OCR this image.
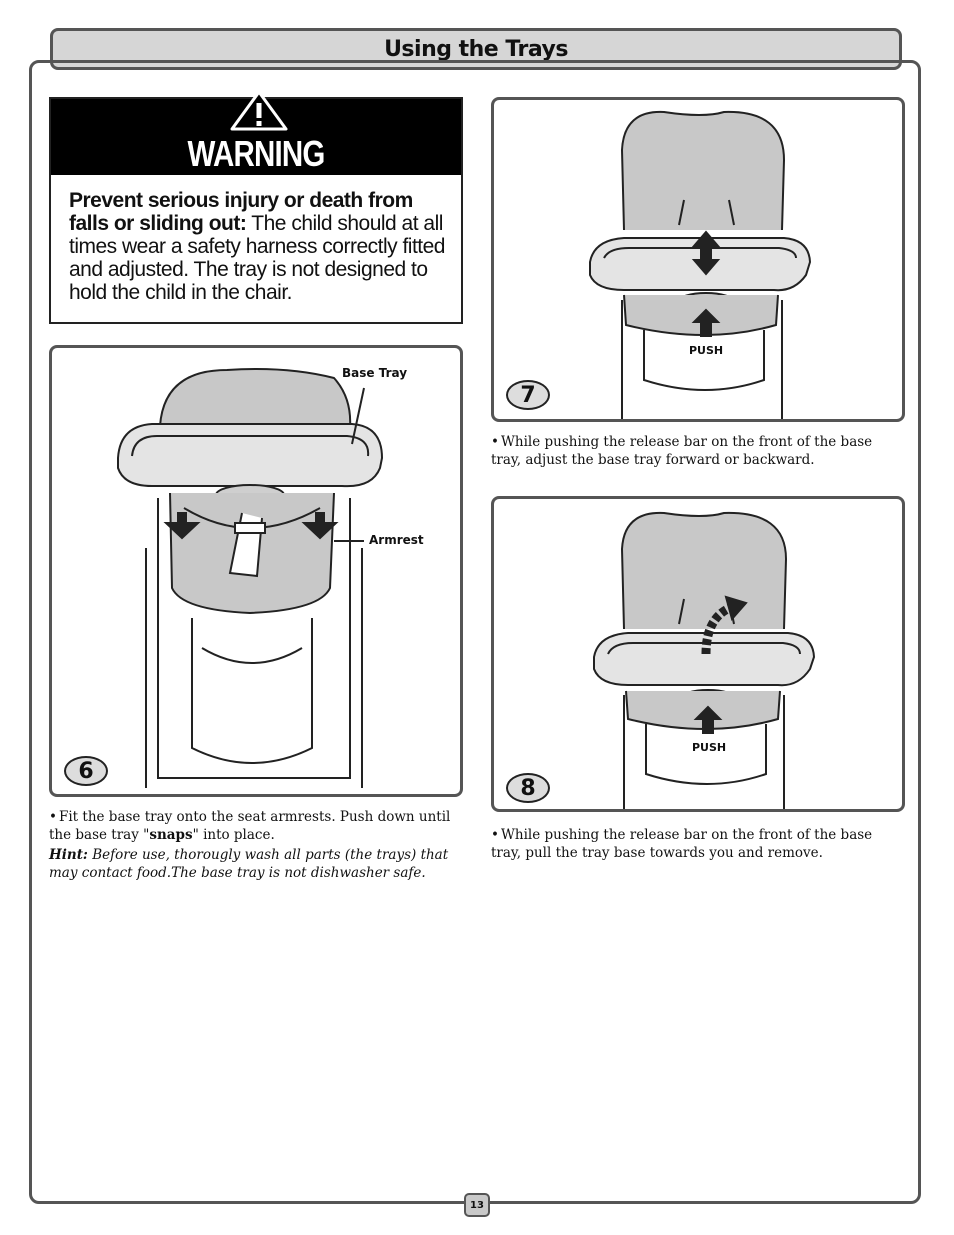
Using the Trays
WARNING
Prevent serious injury or death from falls or sliding out: The child should at all times wear a safety harness correctly fitted and adjusted. The tray is not designed to hold the child in the chair.
Base Tray
Armrest
6
PUSH
7
PUSH
8
• Fit the base tray onto the seat armrests. Push down until the base tray "snaps" into place.
Hint: Before use, thorougly wash all parts (the trays) that may contact food.The base tray is not dishwasher safe.
• While pushing the release bar on the front of the base tray, adjust the base tray forward or backward.
• While pushing the release bar on the front of the base tray, pull the tray base towards you and remove.
13
